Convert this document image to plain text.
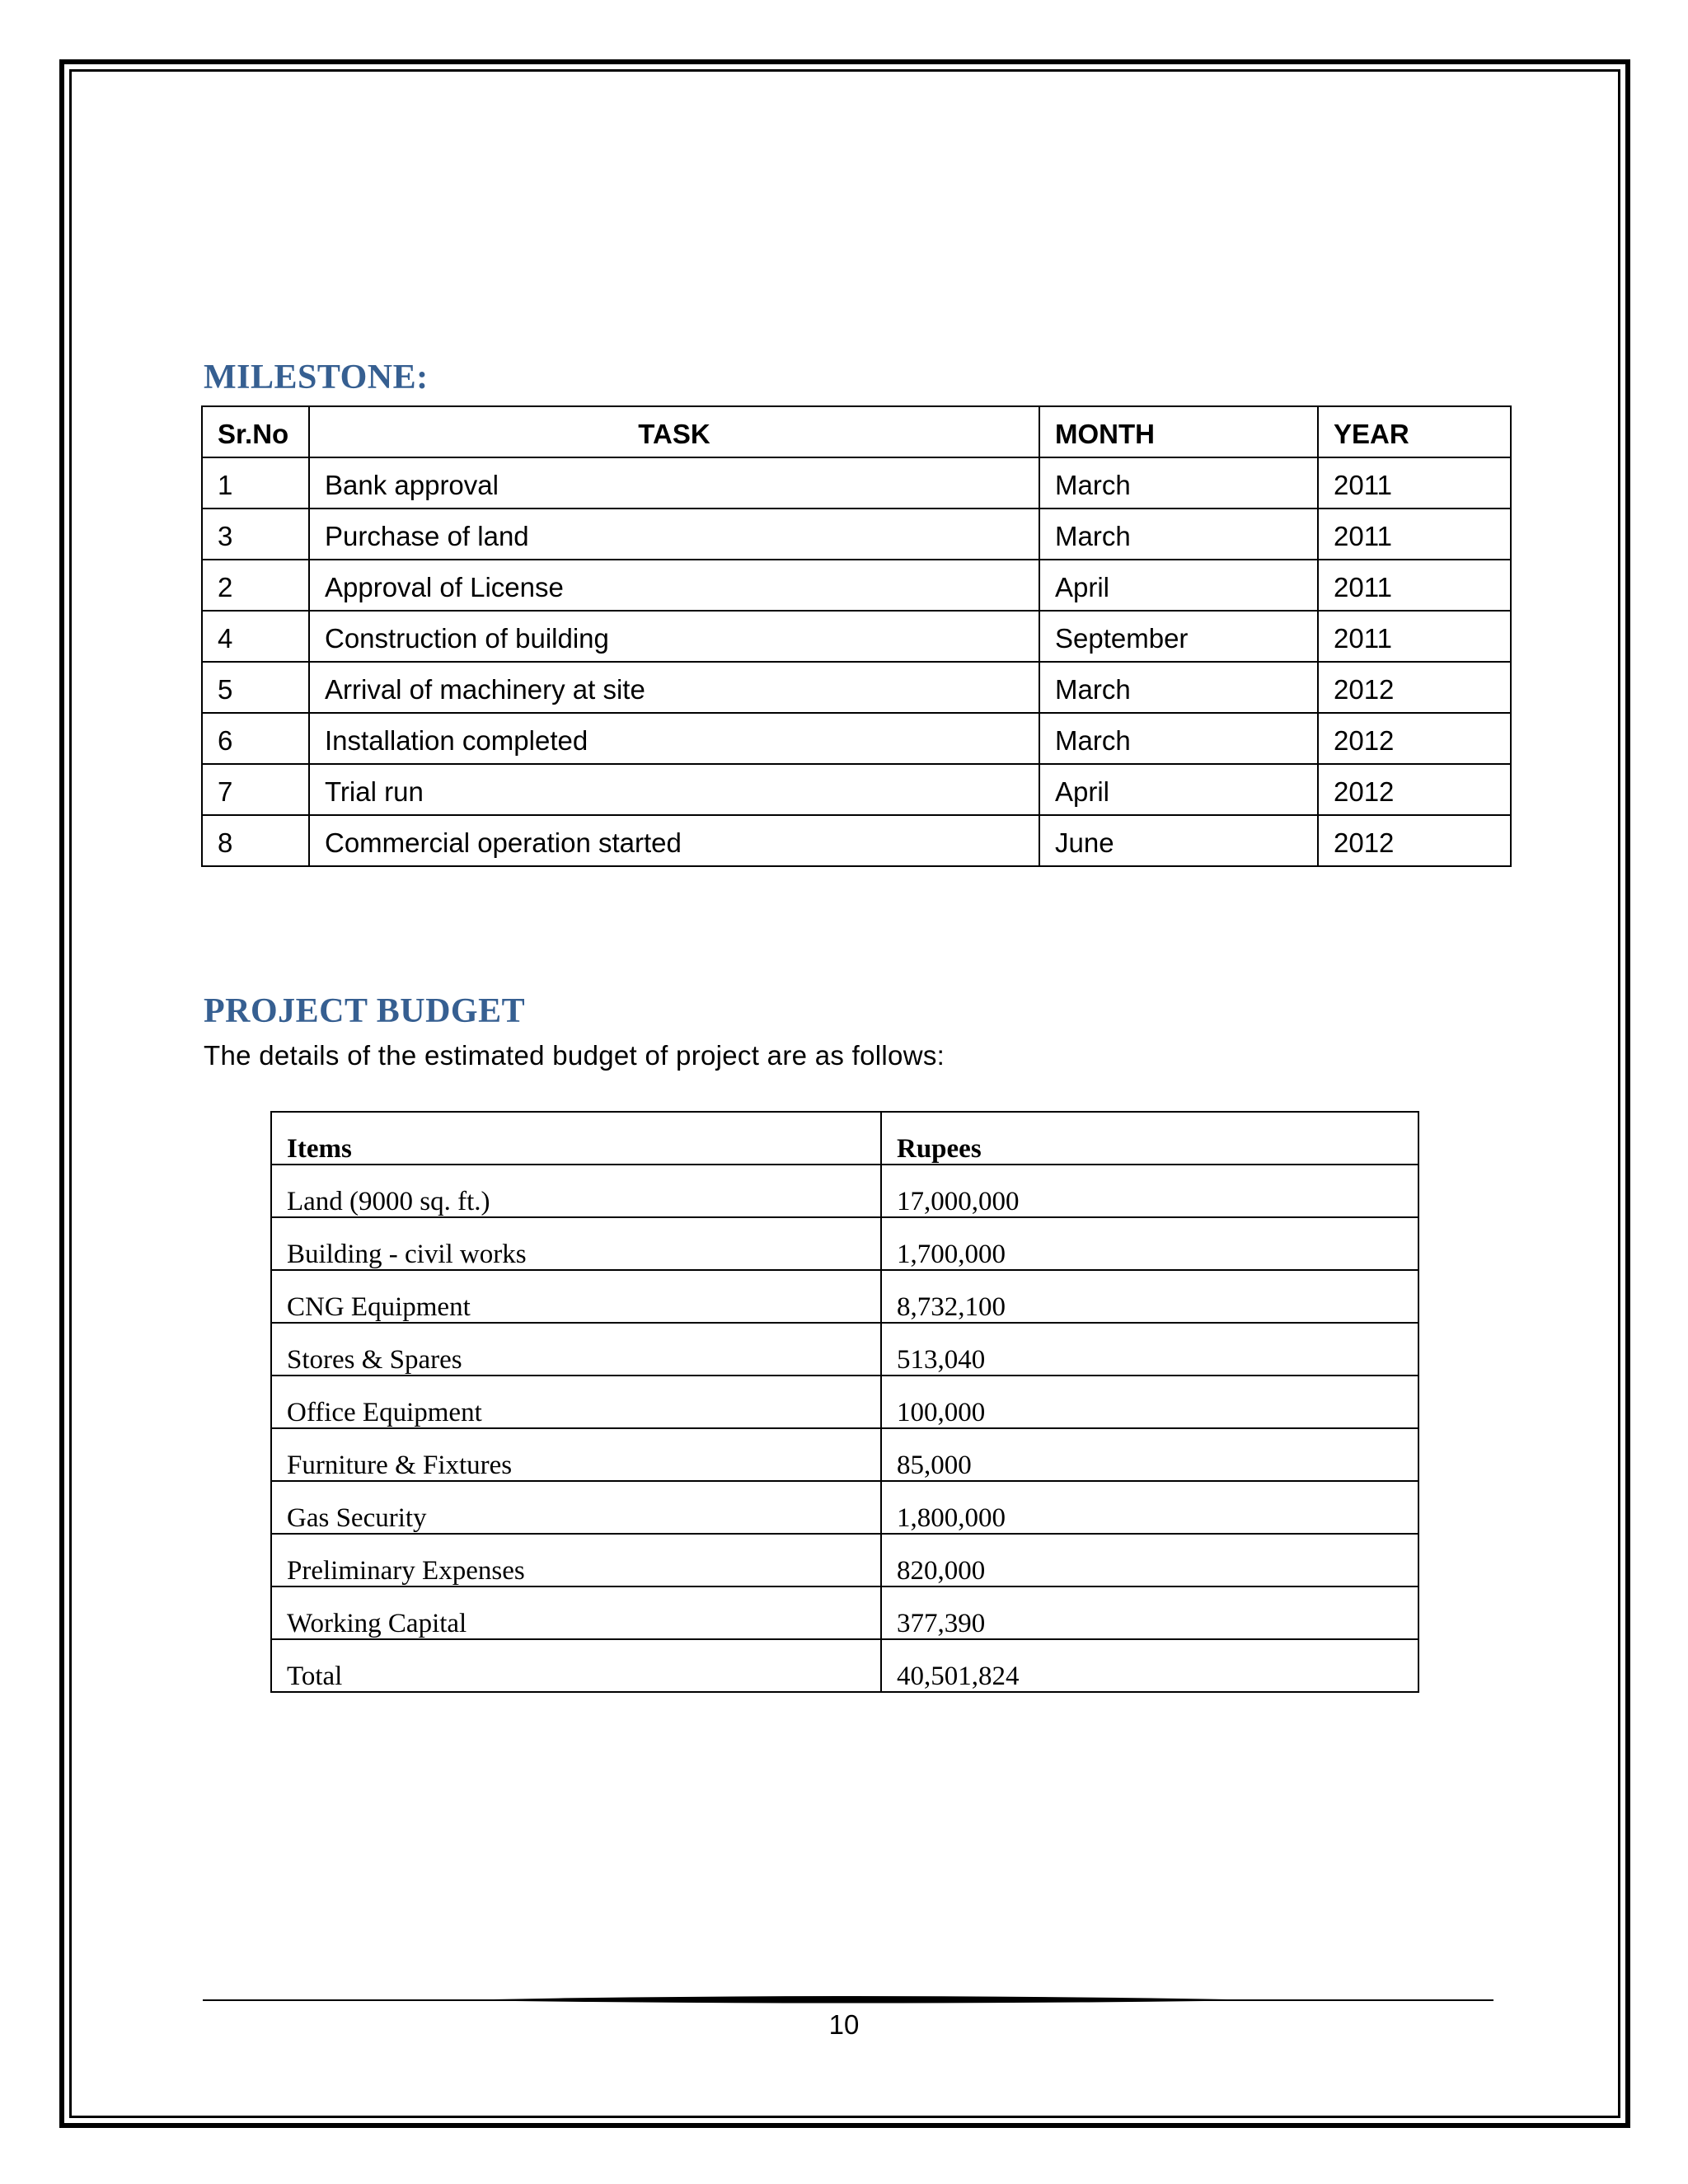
MILESTONE:
Sr.No	TASK	MONTH	YEAR
1	Bank approval	March	2011
3	Purchase of land	March	2011
2	Approval of License	April	2011
4	Construction of building	September	2011
5	Arrival of machinery at site	March	2012
6	Installation completed	March	2012
7	Trial run	April	2012
8	Commercial operation started	June	2012
PROJECT BUDGET

The details of the estimated budget of project are as follows:

Items	Rupees
Land (9000 sq. ft.)	17,000,000
Building - civil works	1,700,000
CNG Equipment	8,732,100
Stores & Spares	513,040
Office Equipment	100,000
Furniture & Fixtures	85,000
Gas Security	1,800,000
Preliminary Expenses	820,000
Working Capital	377,390
Total	40,501,824
10
